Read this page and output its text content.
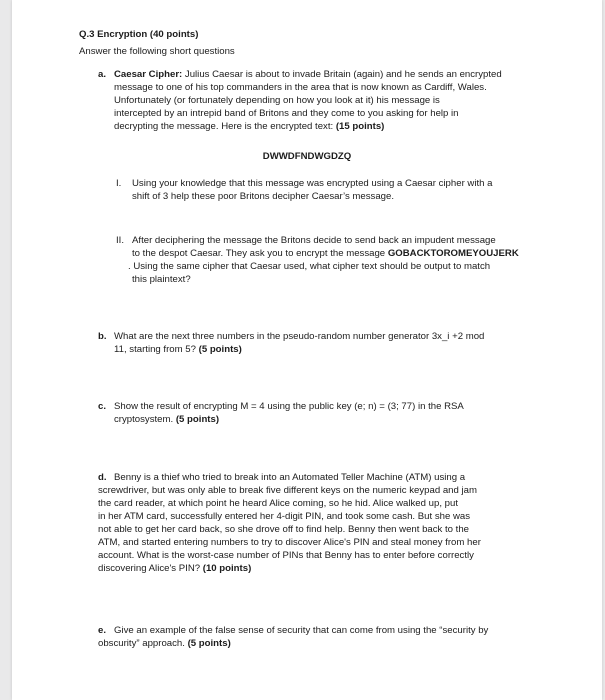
Q.3 Encryption (40 points)
Answer the following short questions
a. Caesar Cipher: Julius Caesar is about to invade Britain (again) and he sends an encrypted
message to one of his top commanders in the area that is now known as Cardiff, Wales.
Unfortunately (or fortunately depending on how you look at it) his message is
intercepted by an intrepid band of Britons and they come to you asking for help in
decrypting the message. Here is the encrypted text: (15 points)
DWWDFNDWGDZQ
I. Using your knowledge that this message was encrypted using a Caesar cipher with a
shift of 3 help these poor Britons decipher Caesar’s message.
II. After deciphering the message the Britons decide to send back an impudent message
to the despot Caesar. They ask you to encrypt the message GOBACKTOROMEYOUJERK
. Using the same cipher that Caesar used, what cipher text should be output to match
this plaintext?
b. What are the next three numbers in the pseudo-random number generator 3x_i +2 mod
11, starting from 5? (5 points)
c. Show the result of encrypting M = 4 using the public key (e; n) = (3; 77) in the RSA
cryptosystem. (5 points)
d. Benny is a thief who tried to break into an Automated Teller Machine (ATM) using a
screwdriver, but was only able to break five different keys on the numeric keypad and jam
the card reader, at which point he heard Alice coming, so he hid. Alice walked up, put
in her ATM card, successfully entered her 4-digit PIN, and took some cash. But she was
not able to get her card back, so she drove off to find help. Benny then went back to the
ATM, and started entering numbers to try to discover Alice's PIN and steal money from her
account. What is the worst-case number of PINs that Benny has to enter before correctly
discovering Alice's PIN? (10 points)
e. Give an example of the false sense of security that can come from using the “security by
obscurity” approach. (5 points)
